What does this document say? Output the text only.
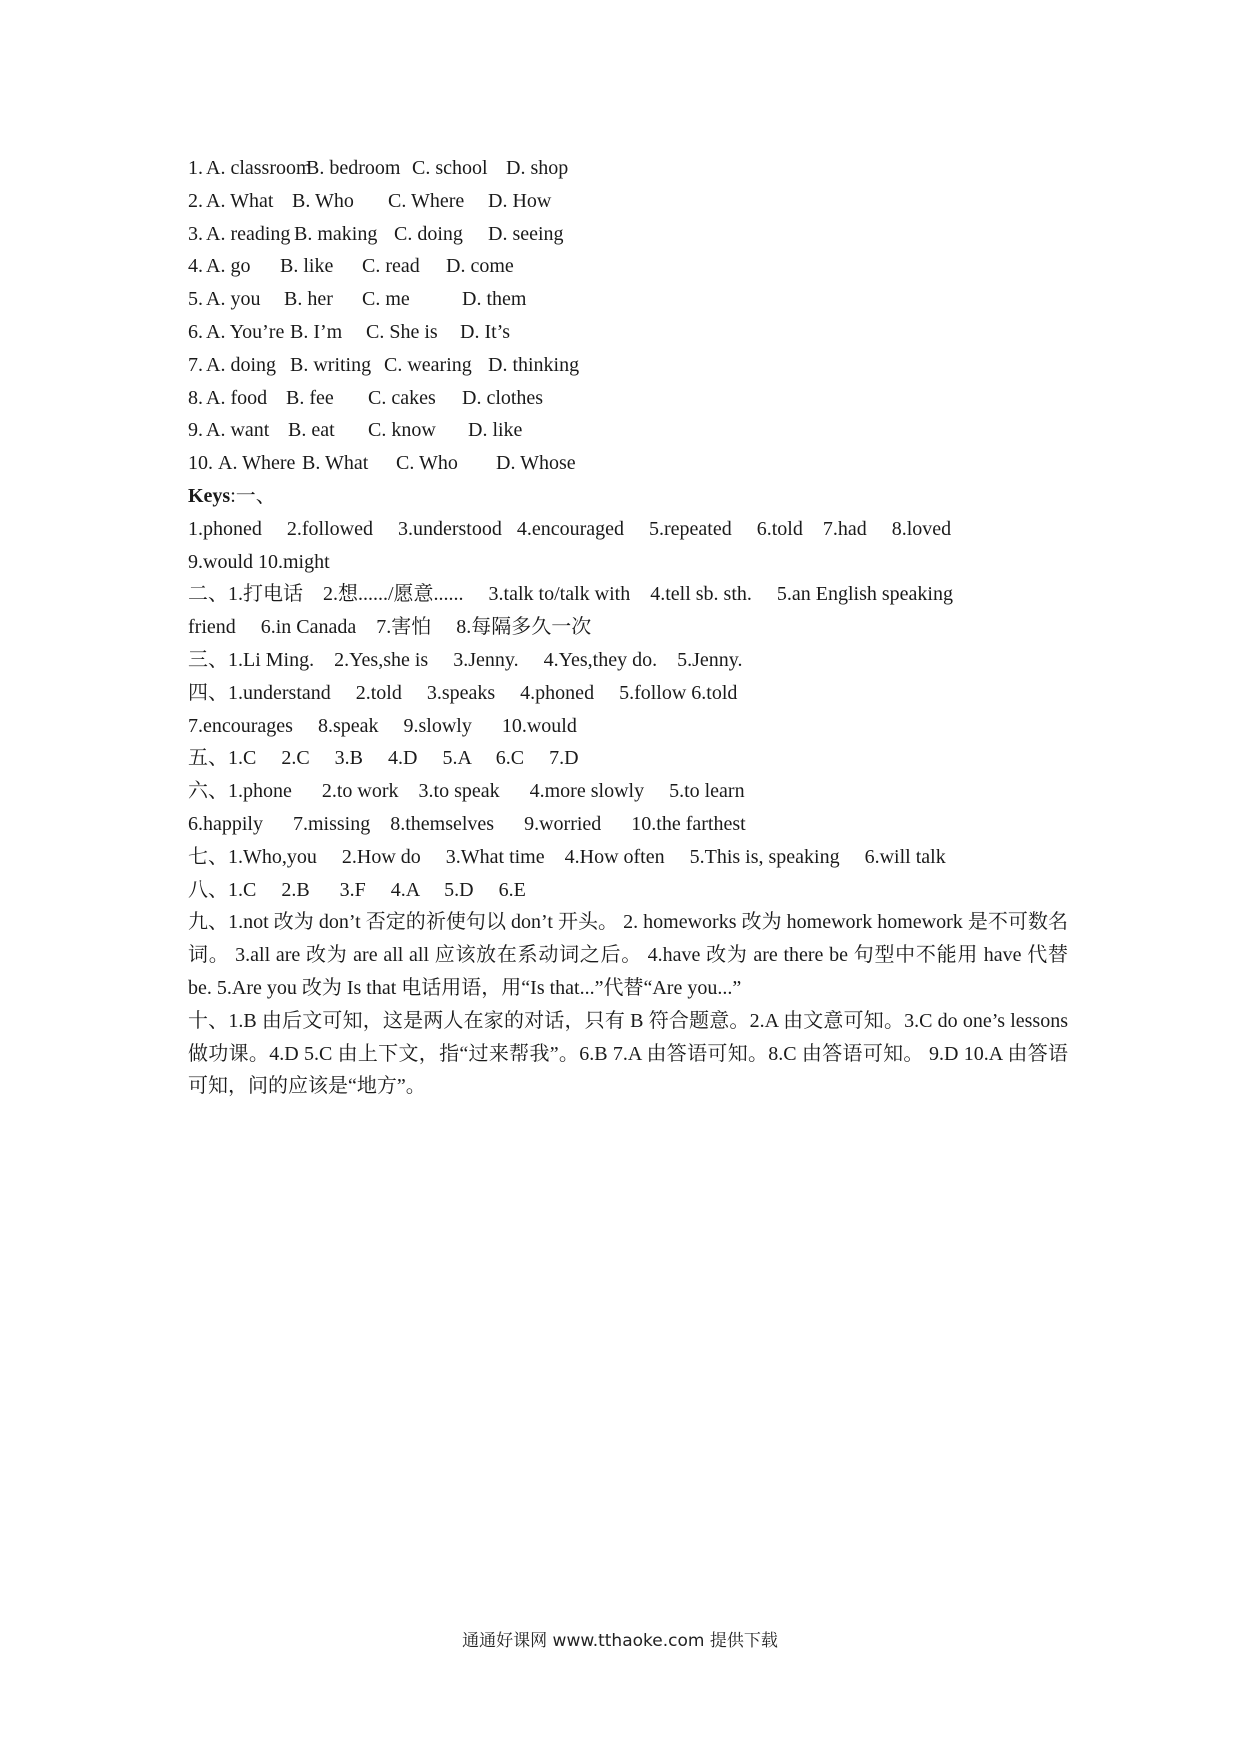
1. A. classroom
B. bedroom C. school D. shop
2. A. What B. Who C. Where D. How
3. A. reading B. making C. doing D. seeing
4. A. go B. like C. read D. come
5. A. you B. her C. me	D. them
6. A. You’re B. I’m C. She is D. It’s
7. A. doing B. writing C. wearing D. thinking
8. A. food B. fee C. cakes D. clothes
9. A. want B. eat C. know D. like
10. A. Where B. What C. Who D. Whose
Keys:一、
1.phoned     2.followed     3.understood   4.encouraged     5.repeated     6.told    7.had     8.loved
9.would 10.might
二、1.打电话    2.想....../愿意......     3.talk to/talk with    4.tell sb. sth.     5.an English speaking
friend     6.in Canada    7.害怕     8.每隔多久一次
三、1.Li Ming.    2.Yes,she is     3.Jenny.     4.Yes,they do.    5.Jenny.
四、1.understand     2.told     3.speaks     4.phoned     5.follow 6.told
7.encourages     8.speak     9.slowly      10.would
五、1.C     2.C     3.B     4.D     5.A     6.C     7.D
六、1.phone      2.to work    3.to speak      4.more slowly     5.to learn
6.happily      7.missing    8.themselves      9.worried      10.the farthest
七、1.Who,you     2.How do     3.What time    4.How often     5.This is, speaking     6.will talk
八、1.C     2.B      3.F     4.A     5.D     6.E
九、1.not 改为 don’t 否定的祈使句以 don’t 开头。 2. homeworks 改为 homework homework 是不可数名词。 3.all are 改为 are all all 应该放在系动词之后。 4.have 改为 are there be 句型中不能用 have 代替 be. 5.Are you 改为 Is that 电话用语，用“Is that...”代替“Are you...”
十、1.B 由后文可知，这是两人在家的对话，只有 B 符合题意。2.A 由文意可知。3.C do one’s lessons 做功课。4.D 5.C 由上下文，指“过来帮我”。6.B 7.A 由答语可知。8.C 由答语可知。 9.D 10.A 由答语可知，问的应该是“地方”。
通通好课网 www.tthaoke.com 提供下载
